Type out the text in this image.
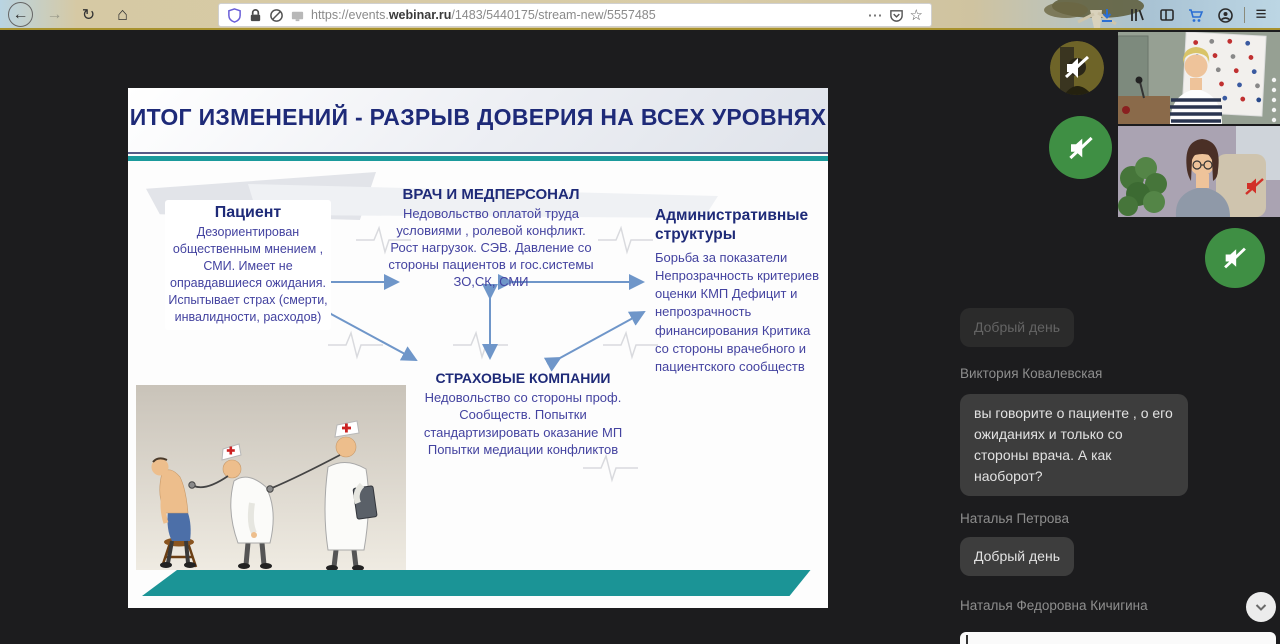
← →	↻	⌂	https://events.webinar.ru/1483/5440175/stream-new/5557485	⋯ ☆	≡
ИТОГ ИЗМЕНЕНИЙ - РАЗРЫВ ДОВЕРИЯ НА ВСЕХ УРОВНЯХ
Пациент
Дезориентирован общественным мнением , СМИ. Имеет не оправдавшиеся ожидания. Испытывает страх (смерти, инвалидности, расходов)
ВРАЧ И МЕДПЕРСОНАЛ
Недовольство оплатой труда условиями , ролевой конфликт. Рост нагрузок. СЭВ. Давление со стороны пациентов и гос.системы ЗО,СК, СМИ
Административные структуры
Борьба за показатели Непрозрачность критериев оценки КМП Дефицит и непрозрачность финансирования Критика со стороны врачебного и пациентского сообществ
СТРАХОВЫЕ КОМПАНИИ
Недовольство со стороны проф. Сообществ. Попытки стандартизировать оказание МП Попытки медиации конфликтов
Добрый день
Виктория Ковалевская
вы говорите о пациенте , о его ожиданиях и только со стороны врача. А как наоборот?
Наталья Петрова
Добрый день
Наталья Федоровна Кичигина
